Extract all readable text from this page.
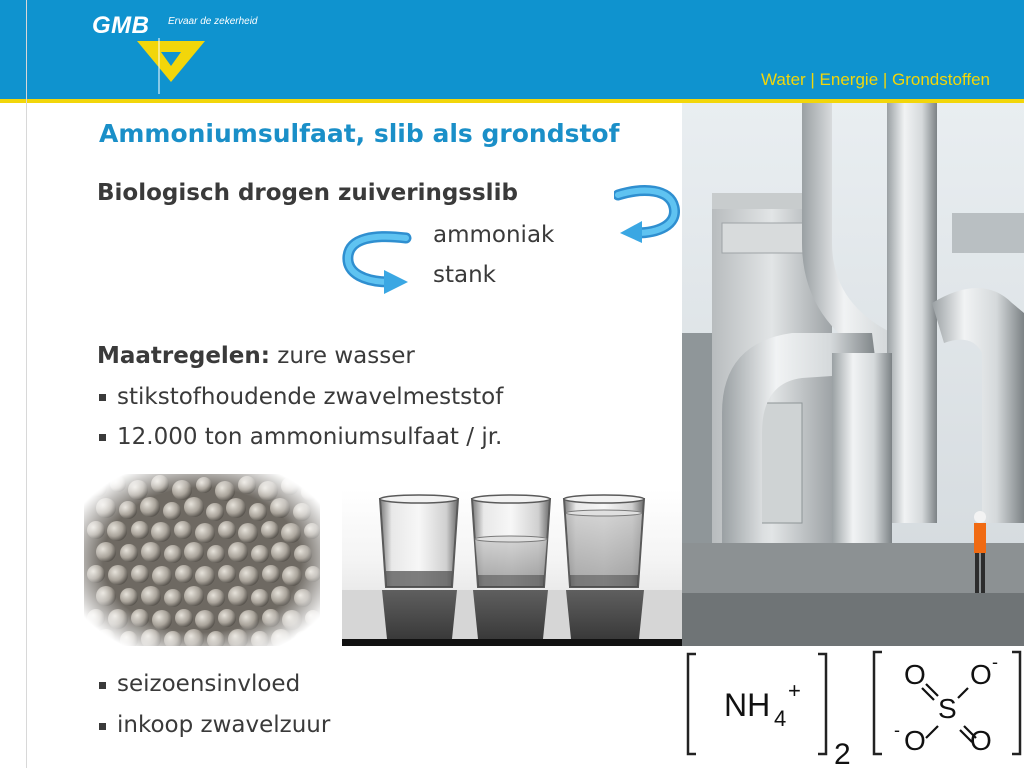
GMB Ervaar de zekerheid
Water | Energie | Grondstoffen
Ammoniumsulfaat, slib als grondstof
Biologisch drogen zuiveringsslib
ammoniak
stank
Maatregelen: zure wasser
stikstofhoudende zwavelmeststof
12.000 ton ammoniumsulfaat / jr.
NH 4
+
2
O O -
S
O
-	O
seizoensinvloed
inkoop zwavelzuur
